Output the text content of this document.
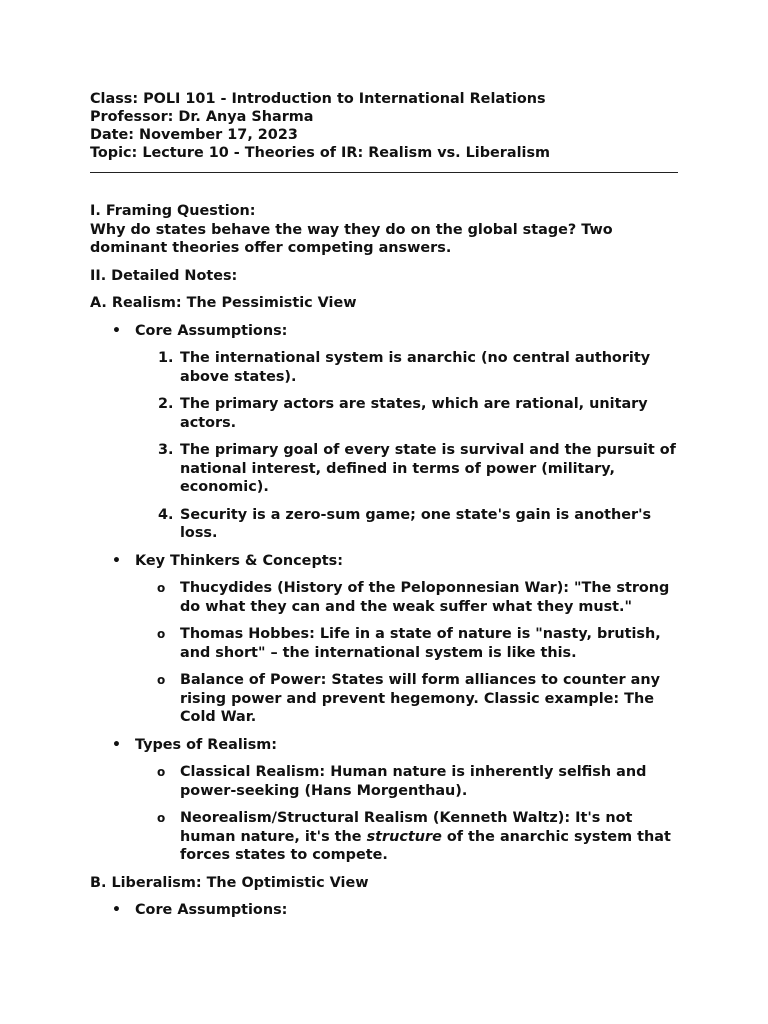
Class: POLI 101 - Introduction to International Relations
Professor: Dr. Anya Sharma
Date: November 17, 2023
Topic: Lecture 10 - Theories of IR: Realism vs. Liberalism
I. Framing Question:
Why do states behave the way they do on the global stage? Two dominant theories offer competing answers.
II. Detailed Notes:
A. Realism: The Pessimistic View
• Core Assumptions:
1. The international system is anarchic (no central authority above states).
2. The primary actors are states, which are rational, unitary actors.
3. The primary goal of every state is survival and the pursuit of national interest, defined in terms of power (military, economic).
4. Security is a zero-sum game; one state's gain is another's loss.
• Key Thinkers & Concepts:
o Thucydides (History of the Peloponnesian War): "The strong do what they can and the weak suffer what they must."
o Thomas Hobbes: Life in a state of nature is "nasty, brutish, and short" – the international system is like this.
o Balance of Power: States will form alliances to counter any rising power and prevent hegemony. Classic example: The Cold War.
• Types of Realism:
o Classical Realism: Human nature is inherently selfish and power-seeking (Hans Morgenthau).
o Neorealism/Structural Realism (Kenneth Waltz): It's not human nature, it's the structure of the anarchic system that forces states to compete.
B. Liberalism: The Optimistic View
• Core Assumptions:
